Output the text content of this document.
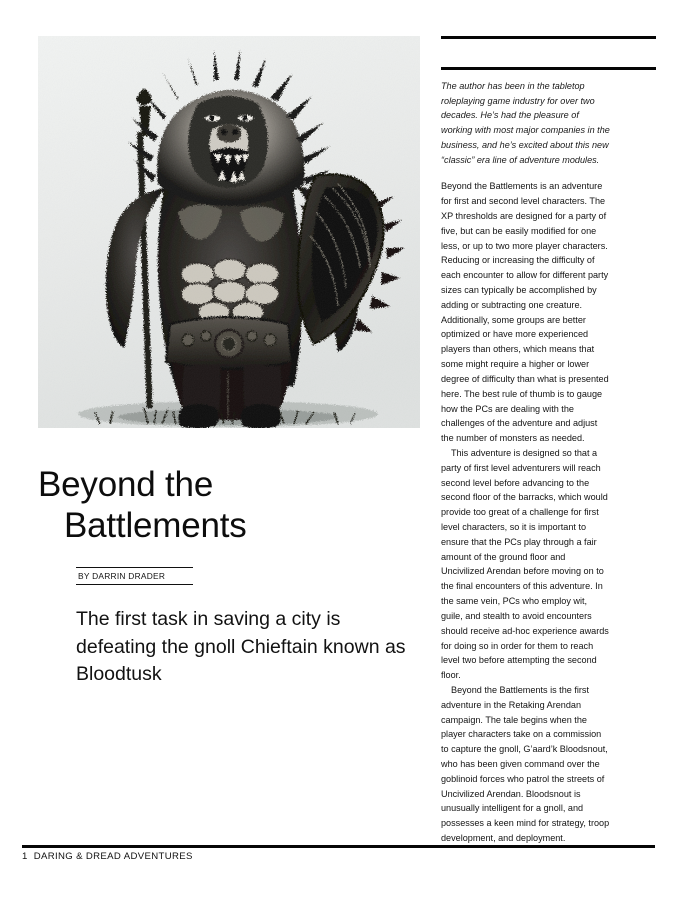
Beyond the
Battlements
BY DARRIN DRADER
The first task in saving a city is defeating the gnoll Chieftain known as Bloodtusk
The author has been in the tabletop roleplaying game industry for over two decades. He’s had the pleasure of working with most major companies in the business, and he’s excited about this new “classic” era line of adventure modules.

Beyond the Battlements is an adventure for first and second level characters. The XP thresholds are designed for a party of five, but can be easily modified for one less, or up to two more player characters. Reducing or increasing the difficulty of each encounter to allow for different party sizes can typically be accomplished by adding or subtracting one creature. Additionally, some groups are better optimized or have more experienced players than others, which means that some might require a higher or lower degree of difficulty than what is presented here. The best rule of thumb is to gauge how the PCs are dealing with the challenges of the adventure and adjust the number of monsters as needed.

This adventure is designed so that a party of first level adventurers will reach second level before advancing to the second floor of the barracks, which would provide too great of a challenge for first level characters, so it is important to ensure that the PCs play through a fair amount of the ground floor and Uncivilized Arendan before moving on to the final encounters of this adventure. In the same vein, PCs who employ wit, guile, and stealth to avoid encounters should receive ad-hoc experience awards for doing so in order for them to reach level two before attempting the second floor.

Beyond the Battlements is the first adventure in the Retaking Arendan campaign. The tale begins when the player characters take on a commission to capture the gnoll, G’aard’k Bloodsnout, who has been given command over the goblinoid forces who patrol the streets of Uncivilized Arendan. Bloodsnout is unusually intelligent for a gnoll, and possesses a keen mind for strategy, troop development, and deployment.

1 DARING & DREAD ADVENTURES
